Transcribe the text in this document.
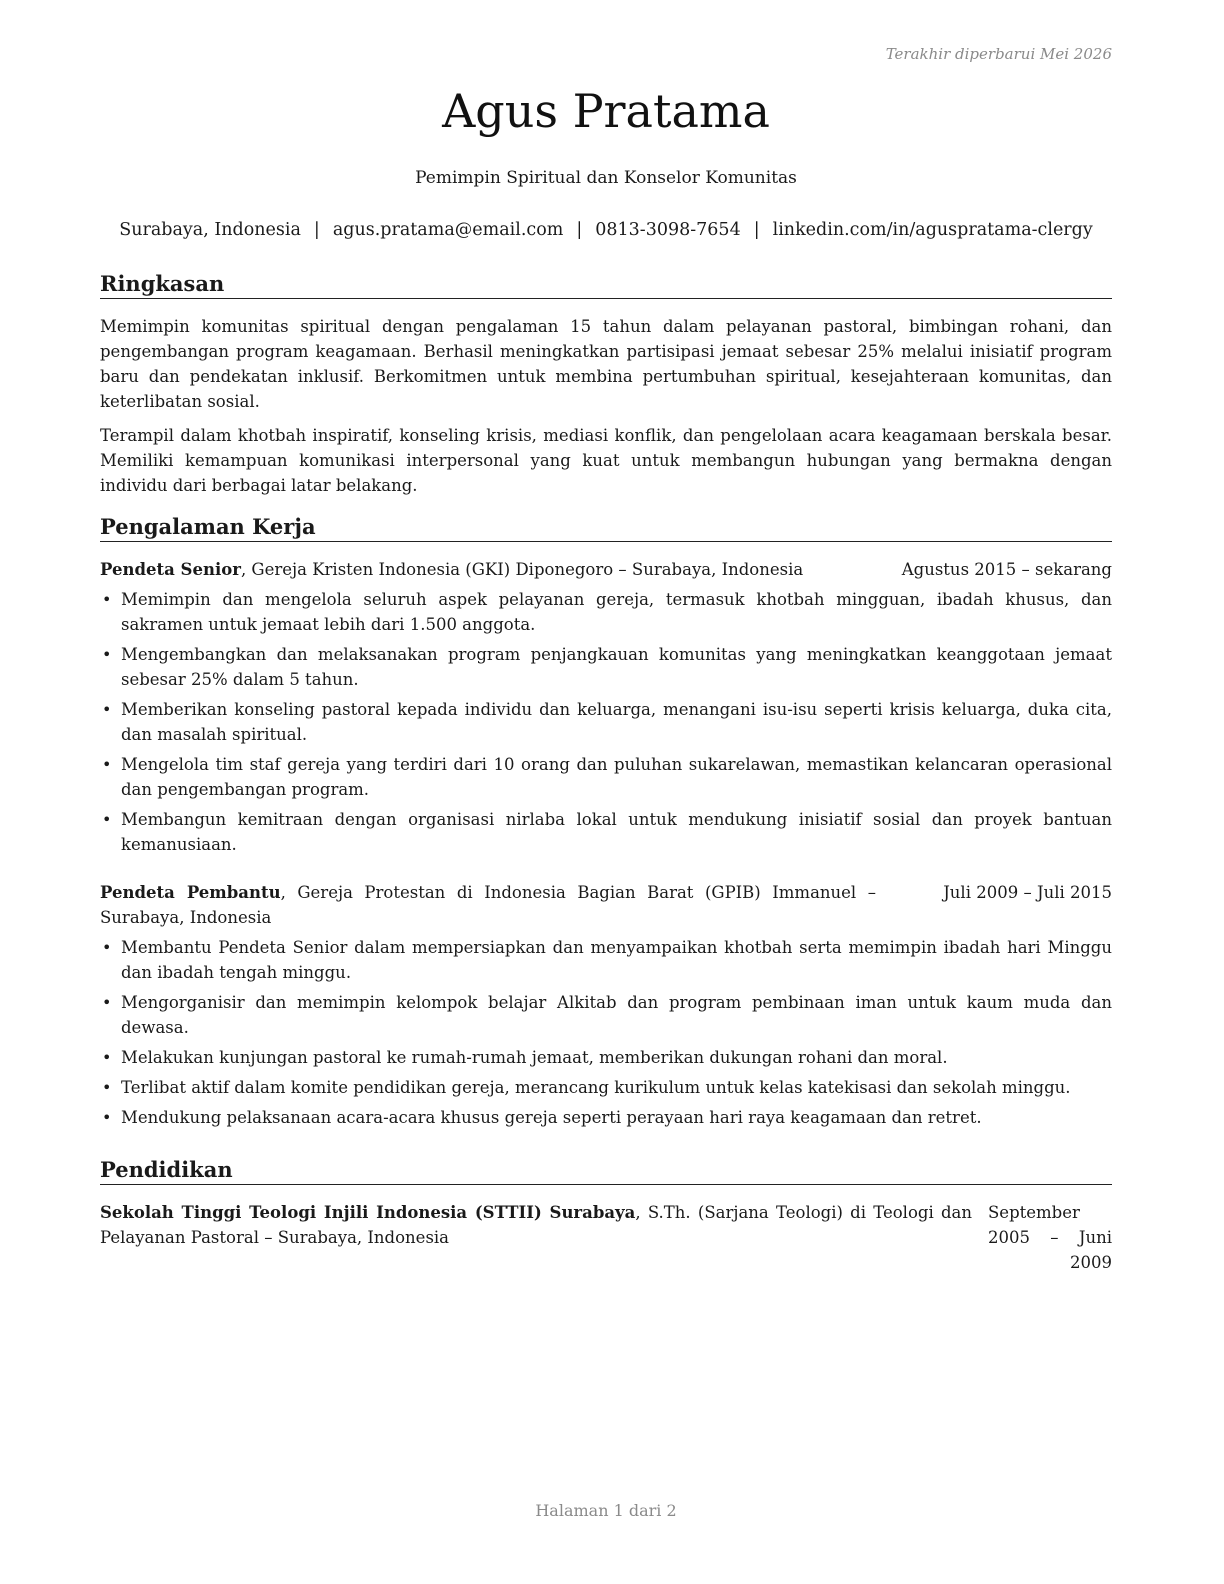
Terakhir diperbarui Mei 2026
Agus Pratama
Pemimpin Spiritual dan Konselor Komunitas
Surabaya, Indonesia | agus.pratama@email.com | 0813-3098-7654 | linkedin.com/in/aguspratama-clergy
Ringkasan

Memimpin komunitas spiritual dengan pengalaman 15 tahun dalam pelayanan pastoral, bimbingan rohani, dan pengembangan program keagamaan. Berhasil meningkatkan partisipasi jemaat sebesar 25% melalui inisiatif program baru dan pendekatan inklusif. Berkomitmen untuk membina pertumbuhan spiritual, kesejahteraan komunitas, dan keterlibatan sosial.

Terampil dalam khotbah inspiratif, konseling krisis, mediasi konflik, dan pengelolaan acara keagamaan berskala besar. Memiliki kemampuan komunikasi interpersonal yang kuat untuk membangun hubungan yang bermakna dengan individu dari berbagai latar belakang.

Pengalaman Kerja
Pendeta Senior, Gereja Kristen Indonesia (GKI) Diponegoro – Surabaya, Indonesia	Agustus 2015 – sekarang
• Memimpin dan mengelola seluruh aspek pelayanan gereja, termasuk khotbah mingguan, ibadah khusus, dan sakramen untuk jemaat lebih dari 1.500 anggota.
• Mengembangkan dan melaksanakan program penjangkauan komunitas yang meningkatkan keanggotaan jemaat sebesar 25% dalam 5 tahun.
• Memberikan konseling pastoral kepada individu dan keluarga, menangani isu-isu seperti krisis keluarga, duka cita, dan masalah spiritual.
• Mengelola tim staf gereja yang terdiri dari 10 orang dan puluhan sukarelawan, memastikan kelancaran operasional dan pengembangan program.
• Membangun kemitraan dengan organisasi nirlaba lokal untuk mendukung inisiatif sosial dan proyek bantuan kemanusiaan.
Pendeta Pembantu, Gereja Protestan di Indonesia Bagian Barat (GPIB) Immanuel – Surabaya, Indonesia
Juli 2009 – Juli 2015
• Membantu Pendeta Senior dalam mempersiapkan dan menyampaikan khotbah serta memimpin ibadah hari Minggu dan ibadah tengah minggu.
• Mengorganisir dan memimpin kelompok belajar Alkitab dan program pembinaan iman untuk kaum muda dan dewasa.
• Melakukan kunjungan pastoral ke rumah-rumah jemaat, memberikan dukungan rohani dan moral.
• Terlibat aktif dalam komite pendidikan gereja, merancang kurikulum untuk kelas katekisasi dan sekolah minggu.
• Mendukung pelaksanaan acara-acara khusus gereja seperti perayaan hari raya keagamaan dan retret.
Pendidikan
Sekolah Tinggi Teologi Injili Indonesia (STTII) Surabaya, S.Th. (Sarjana Teologi) di Teologi dan Pelayanan Pastoral – Surabaya, Indonesia
September 2005 – Juni 2009
Halaman 1 dari 2
